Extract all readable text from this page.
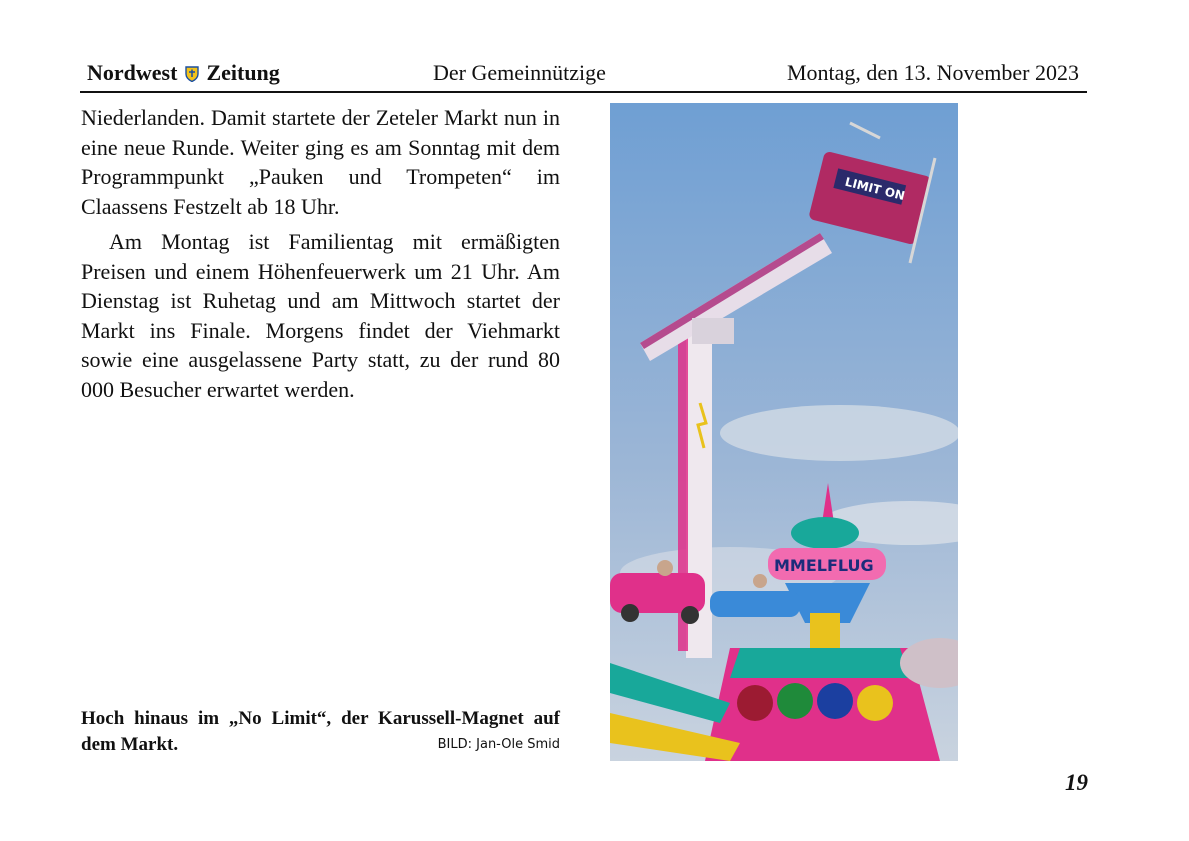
Nordwest Zeitung	Der Gemeinnützige	Montag, den 13. November 2023

Niederlanden. Damit startete der Zeteler Markt nun in eine neue Runde. Weiter ging es am Sonntag mit dem Programmpunkt „Pauken und Trompeten“ im Claassens Festzelt ab 18 Uhr.

Am Montag ist Familientag mit ermäßigten Preisen und einem Höhenfeuerwerk um 21 Uhr. Am Dienstag ist Ruhetag und am Mittwoch startet der Markt ins Finale. Morgens findet der Viehmarkt sowie eine ausgelassene Party statt, zu der rund 80 000 Besucher erwartet werden.

Hoch hinaus im „No Limit“, der Karussell-Magnet auf dem Markt.	BILD: Jan-Ole Smid
LIMIT ON
MMELFLUG
19
